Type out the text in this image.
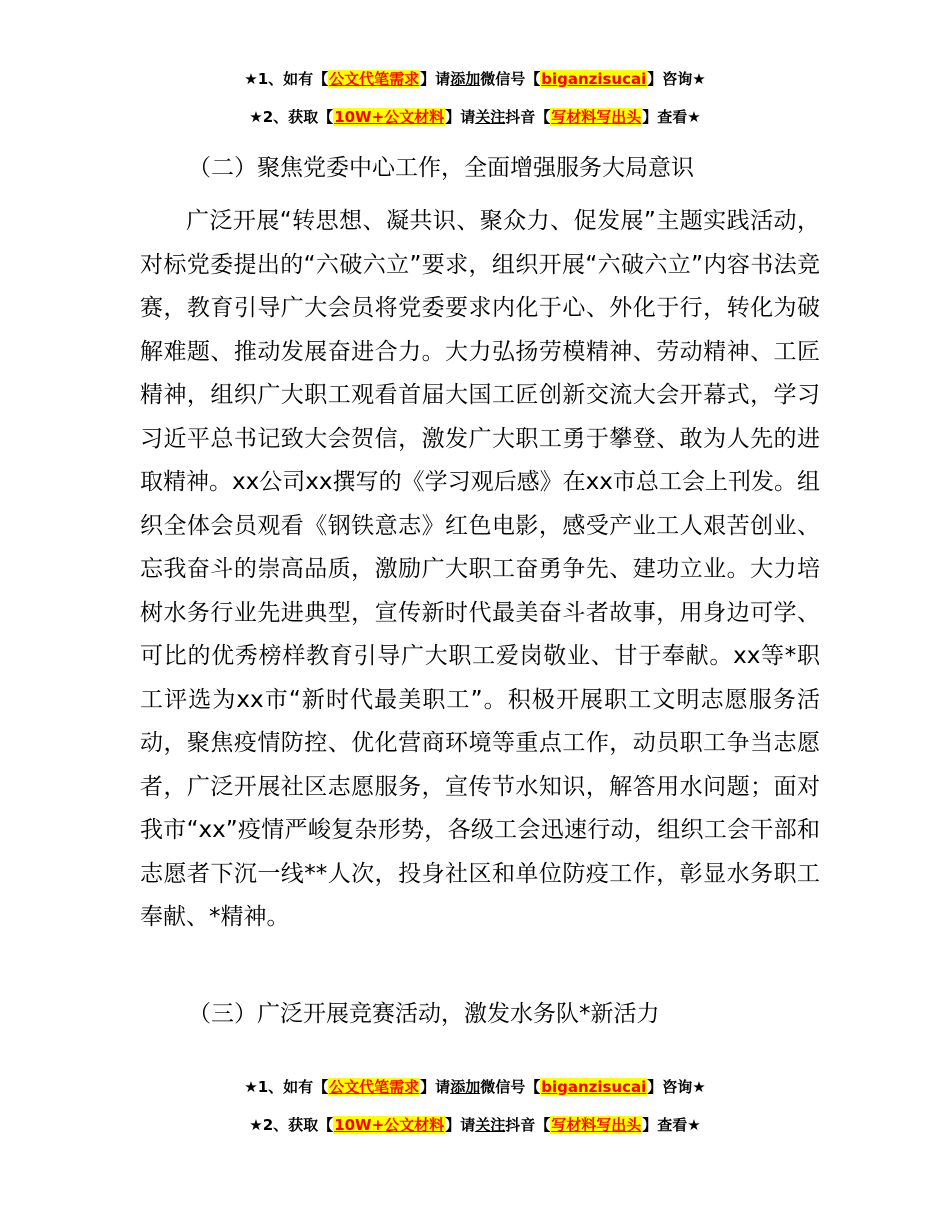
★1、如有【公文代笔需求】请添加微信号【biganzisucai】咨询★
★2、获取【10W+公文材料】请关注抖音【写材料写出头】查看★
（二）聚焦党委中心工作，全面增强服务大局意识

广泛开展“转思想、凝共识、聚众力、促发展”主题实践活动，对标党委提出的“六破六立”要求，组织开展“六破六立”内容书法竞赛，教育引导广大会员将党委要求内化于心、外化于行，转化为破解难题、推动发展奋进合力。大力弘扬劳模精神、劳动精神、工匠精神，组织广大职工观看首届大国工匠创新交流大会开幕式，学习习近平总书记致大会贺信，激发广大职工勇于攀登、敢为人先的进取精神。xx公司xx撰写的《学习观后感》在xx市总工会上刊发。组织全体会员观看《钢铁意志》红色电影，感受产业工人艰苦创业、忘我奋斗的崇高品质，激励广大职工奋勇争先、建功立业。大力培树水务行业先进典型，宣传新时代最美奋斗者故事，用身边可学、可比的优秀榜样教育引导广大职工爱岗敬业、甘于奉献。xx等*职工评选为xx市“新时代最美职工”。积极开展职工文明志愿服务活动，聚焦疫情防控、优化营商环境等重点工作，动员职工争当志愿者，广泛开展社区志愿服务，宣传节水知识，解答用水问题；面对我市“xx”疫情严峻复杂形势，各级工会迅速行动，组织工会干部和志愿者下沉一线**人次，投身社区和单位防疫工作，彰显水务职工奉献、*精神。

（三）广泛开展竞赛活动，激发水务队*新活力
★1、如有【公文代笔需求】请添加微信号【biganzisucai】咨询★
★2、获取【10W+公文材料】请关注抖音【写材料写出头】查看★
